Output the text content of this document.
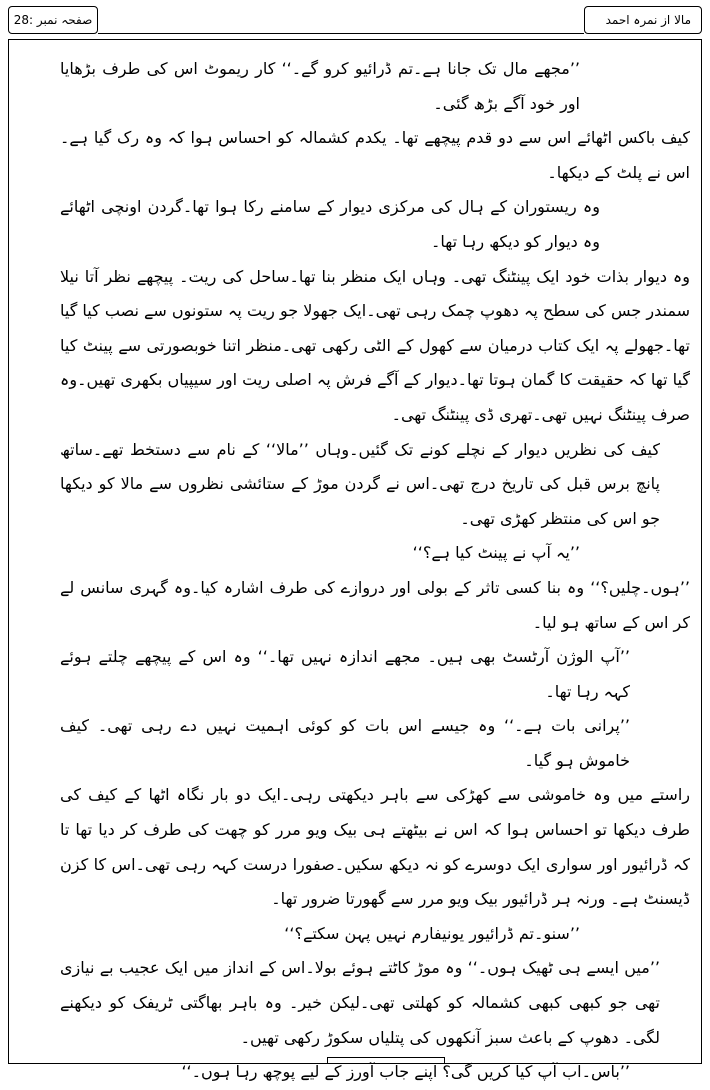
صفحہ نمبر :28	مالا از نمرہ احمد

’’مجھے مال تک جانا ہے۔تم ڈرائیو کرو گے۔‘‘ کار ریموٹ اس کی طرف بڑھایا اور خود آگے بڑھ گئی۔

کیف باکس اٹھائے اس سے دو قدم پیچھے تھا۔ یکدم کشمالہ کو احساس ہوا کہ وہ رک گیا ہے۔اس نے پلٹ کے دیکھا۔

وہ ریستوران کے ہال کی مرکزی دیوار کے سامنے رکا ہوا تھا۔گردن اونچی اٹھائے وہ دیوار کو دیکھ رہا تھا۔

وہ دیوار بذات خود ایک پینٹنگ تھی۔ وہاں ایک منظر بنا تھا۔ساحل کی ریت۔ پیچھے نظر آتا نیلا سمندر جس کی سطح پہ دھوپ چمک رہی تھی۔ایک جھولا جو ریت پہ ستونوں سے نصب کیا گیا تھا۔جھولے پہ ایک کتاب درمیان سے کھول کے الٹی رکھی تھی۔منظر اتنا خوبصورتی سے پینٹ کیا گیا تھا کہ حقیقت کا گمان ہوتا تھا۔دیوار کے آگے فرش پہ اصلی ریت اور سیپیاں بکھری تھیں۔وہ صرف پینٹنگ نہیں تھی۔تھری ڈی پینٹنگ تھی۔

کیف کی نظریں دیوار کے نچلے کونے تک گئیں۔وہاں ’’مالا‘‘ کے نام سے دستخط تھے۔ساتھ پانچ برس قبل کی تاریخ درج تھی۔اس نے گردن موڑ کے ستائشی نظروں سے مالا کو دیکھا جو اس کی منتظر کھڑی تھی۔

’’یہ آپ نے پینٹ کیا ہے؟‘‘

’’ہوں۔چلیں؟‘‘ وہ بنا کسی تاثر کے بولی اور دروازے کی طرف اشارہ کیا۔وہ گہری سانس لے کر اس کے ساتھ ہو لیا۔

’’آپ الوژن آرٹسٹ بھی ہیں۔ مجھے اندازہ نہیں تھا۔‘‘ وہ اس کے پیچھے چلتے ہوئے کہہ رہا تھا۔

’’پرانی بات ہے۔‘‘ وہ جیسے اس بات کو کوئی اہمیت نہیں دے رہی تھی۔ کیف خاموش ہو گیا۔

راستے میں وہ خاموشی سے کھڑکی سے باہر دیکھتی رہی۔ایک دو بار نگاہ اٹھا کے کیف کی طرف دیکھا تو احساس ہوا کہ اس نے بیٹھتے ہی بیک ویو مرر کو چھت کی طرف کر دیا تھا تا کہ ڈرائیور اور سواری ایک دوسرے کو نہ دیکھ سکیں۔صفورا درست کہہ رہی تھی۔اس کا کزن ڈیسنٹ ہے۔ ورنہ ہر ڈرائیور بیک ویو مرر سے گھورتا ضرور تھا۔

’’سنو۔تم ڈرائیور یونیفارم نہیں پہن سکتے؟‘‘

’’میں ایسے ہی ٹھیک ہوں۔‘‘ وہ موڑ کاٹتے ہوئے بولا۔اس کے انداز میں ایک عجیب بے نیازی تھی جو کبھی کبھی کشمالہ کو کھلتی تھی۔لیکن خیر۔ وہ باہر بھاگتی ٹریفک کو دیکھنے لگی۔ دھوپ کے باعث سبز آنکھوں کی پتلیاں سکوڑ رکھی تھیں۔

’’باس۔اب آپ کیا کریں گی؟ اپنے جاب آورز کے لیے پوچھ رہا ہوں۔‘‘
